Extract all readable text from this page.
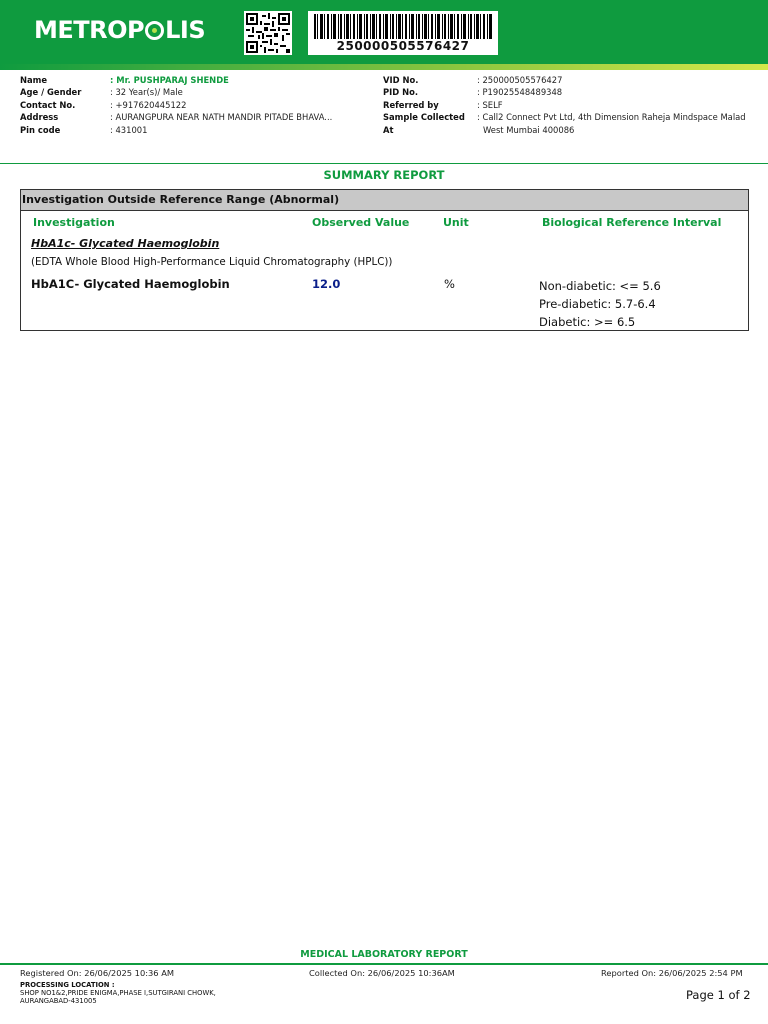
METROP LIS
250000505576427
Name	: Mr. PUSHPARAJ SHENDE
Age / Gender	: 32 Year(s)/ Male
Contact No.	: +917620445122
Address	: AURANGPURA NEAR NATH MANDIR PITADE BHAVA...
Pin code	: 431001
VID No.	: 250000505576427
PID No.	: P19025548489348
Referred by	: SELF
Sample Collected At
: Call2 Connect Pvt Ltd, 4th Dimension Raheja Mindspace Malad
West Mumbai 400086
SUMMARY REPORT
Investigation Outside Reference Range (Abnormal)
Investigation	Observed Value	Unit	Biological Reference Interval
HbA1c- Glycated Haemoglobin
(EDTA Whole Blood High-Performance Liquid Chromatography (HPLC))
HbA1C- Glycated Haemoglobin	12.0	%	Non-diabetic: <= 5.6
Pre-diabetic: 5.7-6.4
Diabetic: >= 6.5
MEDICAL LABORATORY REPORT
Registered On: 26/06/2025 10:36 AM	Collected On: 26/06/2025 10:36AM	Reported On: 26/06/2025 2:54 PM
PROCESSING LOCATION :
SHOP NO1&2,PRIDE ENIGMA,PHASE I,SUTGIRANI CHOWK,
AURANGABAD-431005	Page 1 of 2
